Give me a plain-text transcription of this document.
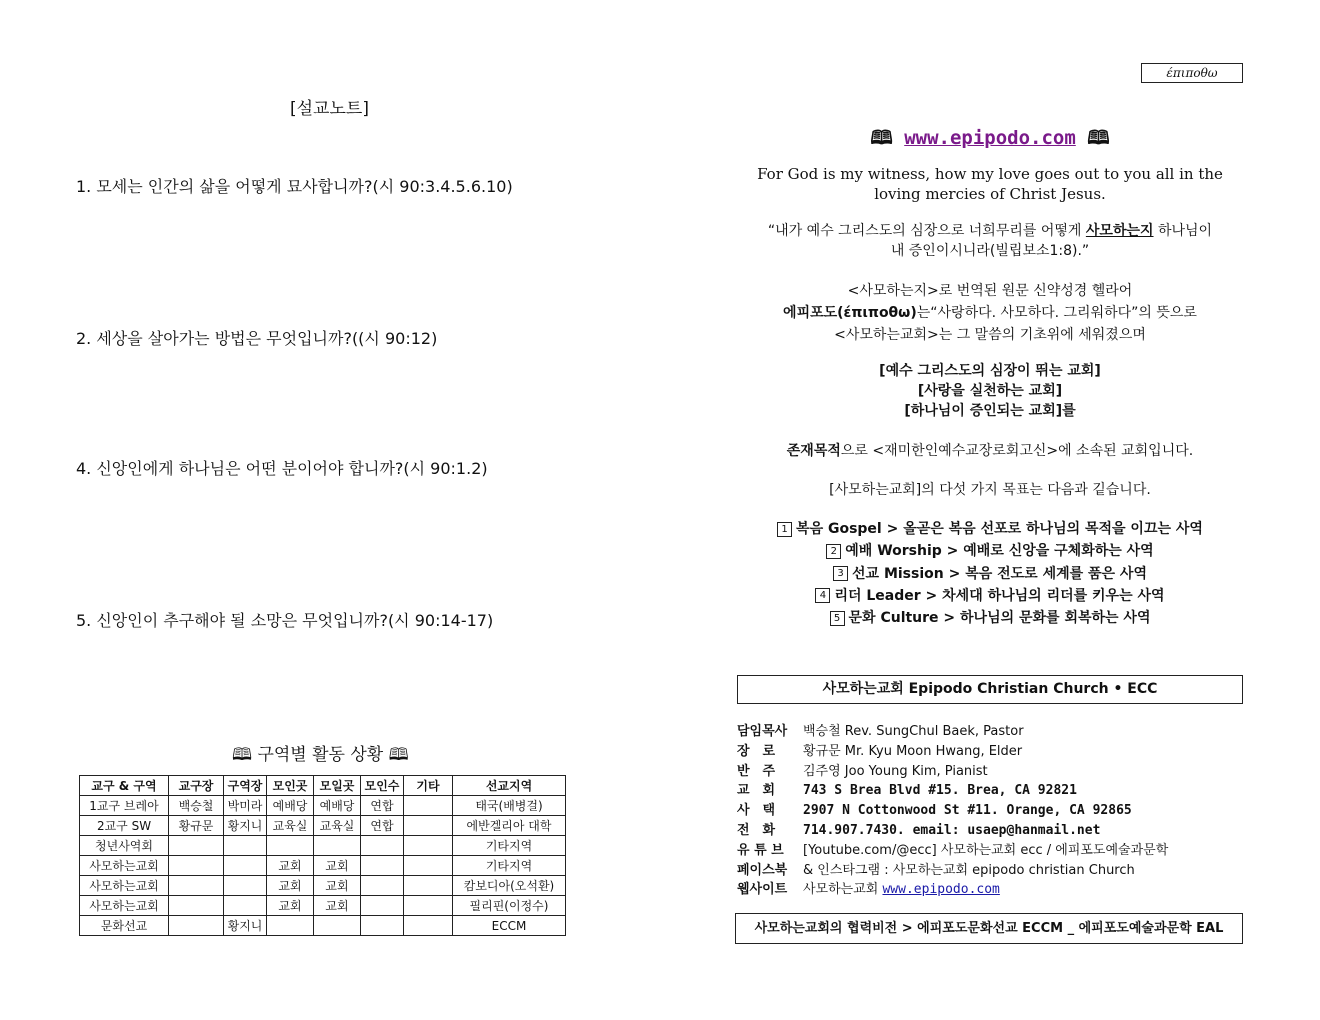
[설교노트]
1. 모세는 인간의 삶을 어떻게 묘사합니까?(시 90:3.4.5.6.10)
2. 세상을 살아가는 방법은 무엇입니까?((시 90:12)
4. 신앙인에게 하나님은 어떤 분이어야 합니까?(시 90:1.2)
5. 신앙인이 추구해야 될 소망은 무엇입니까?(시 90:14-17)
🕮 구역별 활동 상황 🕮
교구 & 구역	교구장	구역장	모인곳	모일곳	모인수	기타	선교지역
1교구 브레아	백승철	박미라	예배당	예배당	연합		태국(배병걸)
2교구 SW	황규문	황지니	교육실	교육실	연합		에반겔리아 대학
청년사역회							기타지역
사모하는교회			교회	교회			기타지역
사모하는교회			교회	교회			캄보디아(오석환)
사모하는교회			교회	교회			필리핀(이정수)
문화선교		황지니					ECCM
έπιποθω
🕮 www.epipodo.com 🕮
For God is my witness, how my love goes out to you all in the
loving mercies of Christ Jesus.
“내가 예수 그리스도의 심장으로 너희무리를 어떻게 사모하는지 하나님이
내 증인이시니라(빌립보소1:8).”
<사모하는지>로 번역된 원문 신약성경 헬라어
에피포도(έπιποθω)는“사랑하다. 사모하다. 그리워하다”의 뜻으로
<사모하는교회>는 그 말씀의 기초위에 세워졌으며
[예수 그리스도의 심장이 뛰는 교회]
[사랑을 실천하는 교회]
[하나님이 증인되는 교회]를
존재목적으로 <재미한인예수교장로회고신>에 소속된 교회입니다.
[사모하는교회]의 다섯 가지 목표는 다음과 깉습니다.
1 복음 Gospel > 올곧은 복음 선포로 하나님의 목적을 이끄는 사역
2 예배 Worship > 예배로 신앙을 구체화하는 사역
3 선교 Mission > 복음 전도로 세계를 품은 사역
4 리더 Leader > 차세대 하나님의 리더를 키우는 사역
5 문화 Culture > 하나님의 문화를 회복하는 사역
사모하는교회 Epipodo Christian Church • ECC
담임목사 백승철 Rev. SungChul Baek, Pastor
장　로 황규문 Mr. Kyu Moon Hwang, Elder
반　주 김주영 Joo Young Kim, Pianist
교　회 743 S Brea Blvd #15. Brea, CA 92821
사　택 2907 N Cottonwood St #11. Orange, CA 92865
전　화 714.907.7430. email: usaep@hanmail.net
유 튜 브 [Youtube.com/@ecc] 사모하는교회 ecc / 에피포도예술과문학
페이스북 & 인스타그램 : 사모하는교회 epipodo christian Church
웹사이트 사모하는교회 www.epipodo.com
사모하는교회의 협력비전 > 에피포도문화선교 ECCM _ 에피포도예술과문학 EAL
